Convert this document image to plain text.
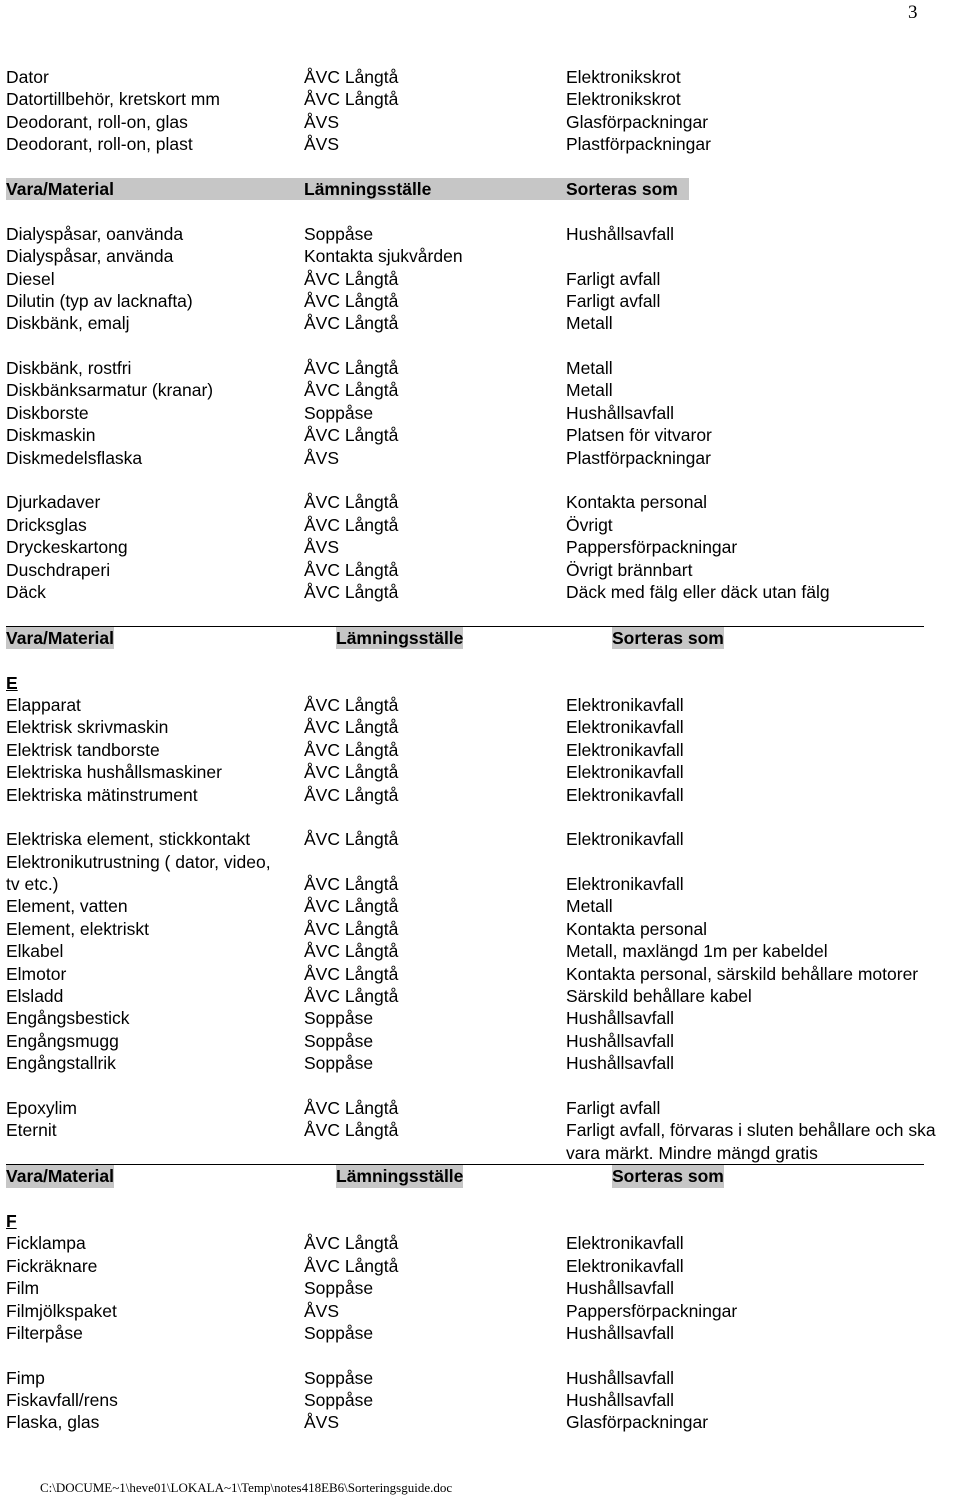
3
Dator	ÅVC Långtå	Elektronikskrot
Datortillbehör, kretskort mm	ÅVC Långtå	Elektronikskrot
Deodorant, roll-on, glas	ÅVS	Glasförpackningar
Deodorant, roll-on, plast	ÅVS	Plastförpackningar
Vara/Material	Lämningsställe	Sorteras som
Dialyspåsar, oanvända	Soppåse	Hushållsavfall
Dialyspåsar, använda	Kontakta sjukvården
Diesel	ÅVC Långtå	Farligt avfall
Dilutin (typ av lacknafta)	ÅVC Långtå	Farligt avfall
Diskbänk, emalj	ÅVC Långtå	Metall
Diskbänk, rostfri	ÅVC Långtå	Metall
Diskbänksarmatur (kranar)	ÅVC Långtå	Metall
Diskborste	Soppåse	Hushållsavfall
Diskmaskin	ÅVC Långtå	Platsen för vitvaror
Diskmedelsflaska	ÅVS	Plastförpackningar
Djurkadaver	ÅVC Långtå	Kontakta personal
Dricksglas	ÅVC Långtå	Övrigt
Dryckeskartong	ÅVS	Pappersförpackningar
Duschdraperi	ÅVC Långtå	Övrigt brännbart
Däck	ÅVC Långtå	Däck med fälg eller däck utan fälg
Vara/Material	Lämningsställe	Sorteras som
E
Elapparat	ÅVC Långtå	Elektronikavfall
Elektrisk skrivmaskin	ÅVC Långtå	Elektronikavfall
Elektrisk tandborste	ÅVC Långtå	Elektronikavfall
Elektriska hushållsmaskiner	ÅVC Långtå	Elektronikavfall
Elektriska mätinstrument	ÅVC Långtå	Elektronikavfall
Elektriska element, stickkontakt	ÅVC Långtå	Elektronikavfall
Elektronikutrustning ( dator, video, tv etc.)	ÅVC Långtå	Elektronikavfall
Element, vatten	ÅVC Långtå	Metall
Element, elektriskt	ÅVC Långtå	Kontakta personal
Elkabel	ÅVC Långtå	Metall, maxlängd 1m per kabeldel
Elmotor	ÅVC Långtå	Kontakta personal, särskild behållare motorer
Elsladd	ÅVC Långtå	Särskild behållare kabel
Engångsbestick	Soppåse	Hushållsavfall
Engångsmugg	Soppåse	Hushållsavfall
Engångstallrik	Soppåse	Hushållsavfall
Epoxylim	ÅVC Långtå	Farligt avfall
Eternit	ÅVC Långtå	Farligt avfall, förvaras i sluten behållare och ska vara märkt. Mindre mängd gratis
Vara/Material	Lämningsställe	Sorteras som
F
Ficklampa	ÅVC Långtå	Elektronikavfall
Fickräknare	ÅVC Långtå	Elektronikavfall
Film	Soppåse	Hushållsavfall
Filmjölkspaket	ÅVS	Pappersförpackningar
Filterpåse	Soppåse	Hushållsavfall
Fimp	Soppåse	Hushållsavfall
Fiskavfall/rens	Soppåse	Hushållsavfall
Flaska, glas	ÅVS	Glasförpackningar
C:\DOCUME~1\heve01\LOKALA~1\Temp\notes418EB6\Sorteringsguide.doc
